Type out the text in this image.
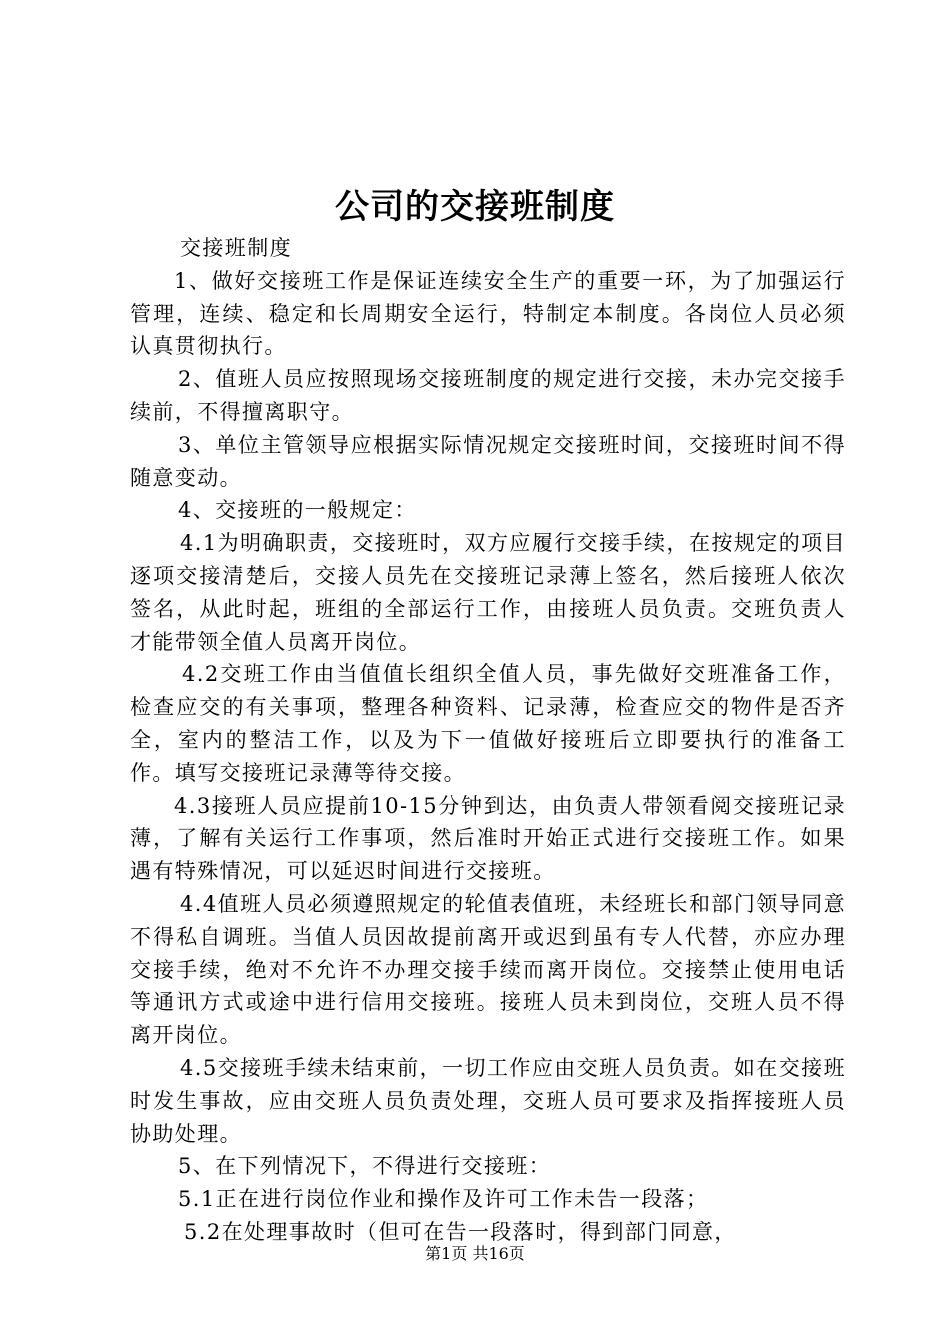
公司的交接班制度

交接班制度

1、做好交接班工作是保证连续安全生产的重要一环，为了加强运行管理，连续、稳定和长周期安全运行，特制定本制度。各岗位人员必须认真贯彻执行。

2、值班人员应按照现场交接班制度的规定进行交接，未办完交接手续前，不得擅离职守。

3、单位主管领导应根据实际情况规定交接班时间，交接班时间不得随意变动。

4、交接班的一般规定：

4.1为明确职责，交接班时，双方应履行交接手续，在按规定的项目逐项交接清楚后，交接人员先在交接班记录薄上签名，然后接班人依次签名，从此时起，班组的全部运行工作，由接班人员负责。交班负责人才能带领全值人员离开岗位。

4.2交班工作由当值值长组织全值人员，事先做好交班准备工作，检查应交的有关事项，整理各种资料、记录薄，检查应交的物件是否齐全，室内的整洁工作，以及为下一值做好接班后立即要执行的准备工作。填写交接班记录薄等待交接。

4.3接班人员应提前10-15分钟到达，由负责人带领看阅交接班记录薄，了解有关运行工作事项，然后准时开始正式进行交接班工作。如果遇有特殊情况，可以延迟时间进行交接班。

4.4值班人员必须遵照规定的轮值表值班，未经班长和部门领导同意不得私自调班。当值人员因故提前离开或迟到虽有专人代替，亦应办理交接手续，绝对不允许不办理交接手续而离开岗位。交接禁止使用电话等通讯方式或途中进行信用交接班。接班人员未到岗位，交班人员不得离开岗位。

4.5交接班手续未结束前，一切工作应由交班人员负责。如在交接班时发生事故，应由交班人员负责处理，交班人员可要求及指挥接班人员协助处理。

5、在下列情况下，不得进行交接班：

5.1正在进行岗位作业和操作及许可工作未告一段落；

5.2在处理事故时（但可在告一段落时，得到部门同意，

第1页 共16页
